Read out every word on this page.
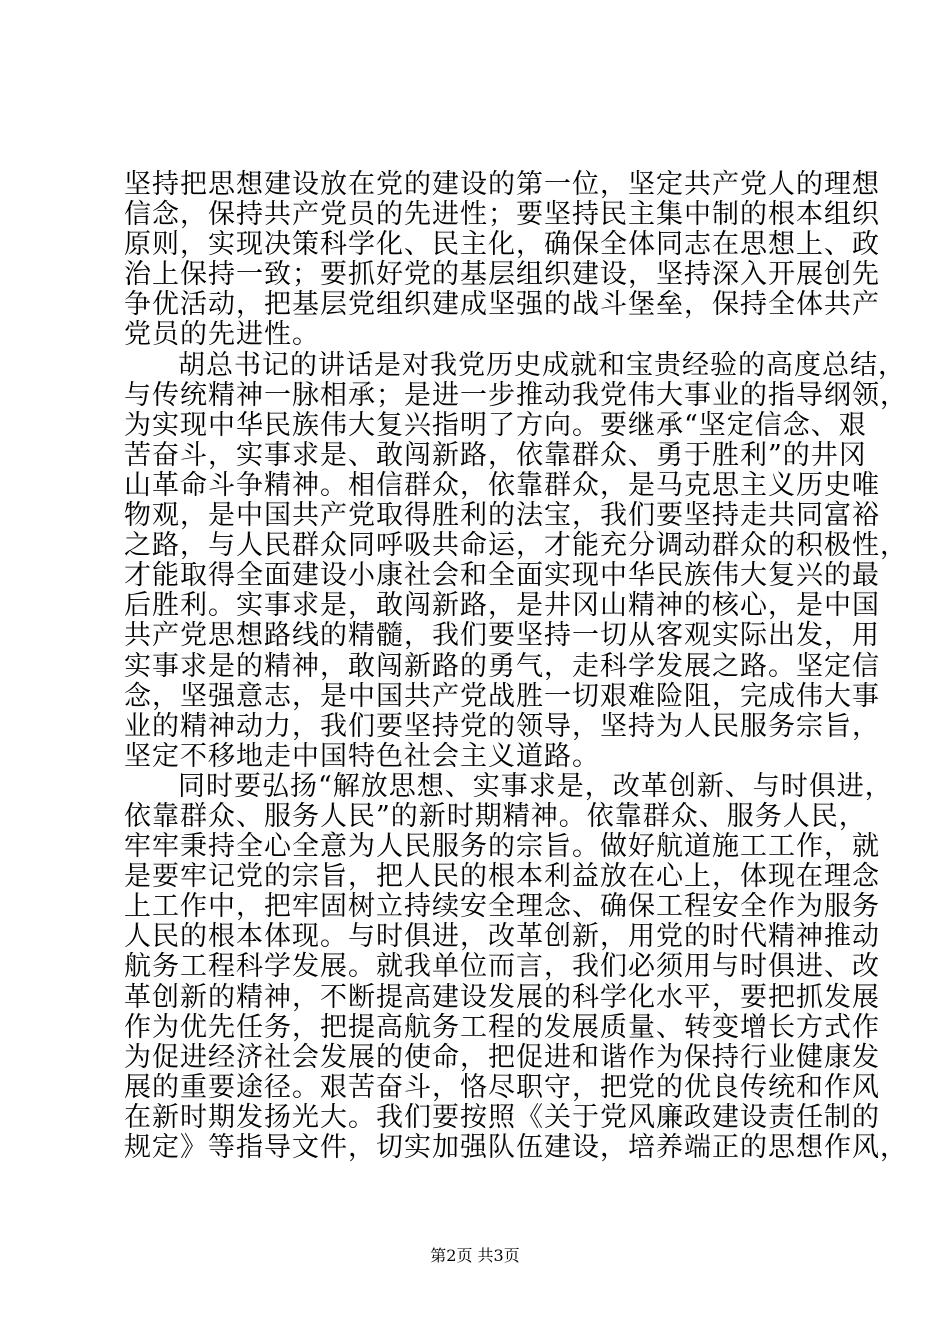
坚持把思想建设放在党的建设的第一位，坚定共产党人的理想
信念，保持共产党员的先进性；要坚持民主集中制的根本组织
原则，实现决策科学化、民主化，确保全体同志在思想上、政
治上保持一致；要抓好党的基层组织建设，坚持深入开展创先
争优活动，把基层党组织建成坚强的战斗堡垒，保持全体共产
党员的先进性。
胡总书记的讲话是对我党历史成就和宝贵经验的高度总结，
与传统精神一脉相承；是进一步推动我党伟大事业的指导纲领，
为实现中华民族伟大复兴指明了方向。要继承“坚定信念、艰
苦奋斗，实事求是、敢闯新路，依靠群众、勇于胜利”的井冈
山革命斗争精神。相信群众，依靠群众，是马克思主义历史唯
物观，是中国共产党取得胜利的法宝，我们要坚持走共同富裕
之路，与人民群众同呼吸共命运，才能充分调动群众的积极性，
才能取得全面建设小康社会和全面实现中华民族伟大复兴的最
后胜利。实事求是，敢闯新路，是井冈山精神的核心，是中国
共产党思想路线的精髓，我们要坚持一切从客观实际出发，用
实事求是的精神，敢闯新路的勇气，走科学发展之路。坚定信
念，坚强意志，是中国共产党战胜一切艰难险阻，完成伟大事
业的精神动力，我们要坚持党的领导，坚持为人民服务宗旨，
坚定不移地走中国特色社会主义道路。
同时要弘扬“解放思想、实事求是，改革创新、与时俱进，
依靠群众、服务人民”的新时期精神。依靠群众、服务人民，
牢牢秉持全心全意为人民服务的宗旨。做好航道施工工作，就
是要牢记党的宗旨，把人民的根本利益放在心上，体现在理念
上工作中，把牢固树立持续安全理念、确保工程安全作为服务
人民的根本体现。与时俱进，改革创新，用党的时代精神推动
航务工程科学发展。就我单位而言，我们必须用与时俱进、改
革创新的精神，不断提高建设发展的科学化水平，要把抓发展
作为优先任务，把提高航务工程的发展质量、转变增长方式作
为促进经济社会发展的使命，把促进和谐作为保持行业健康发
展的重要途径。艰苦奋斗，恪尽职守，把党的优良传统和作风
在新时期发扬光大。我们要按照《关于党风廉政建设责任制的
规定》等指导文件，切实加强队伍建设，培养端正的思想作风，
第2页 共3页
